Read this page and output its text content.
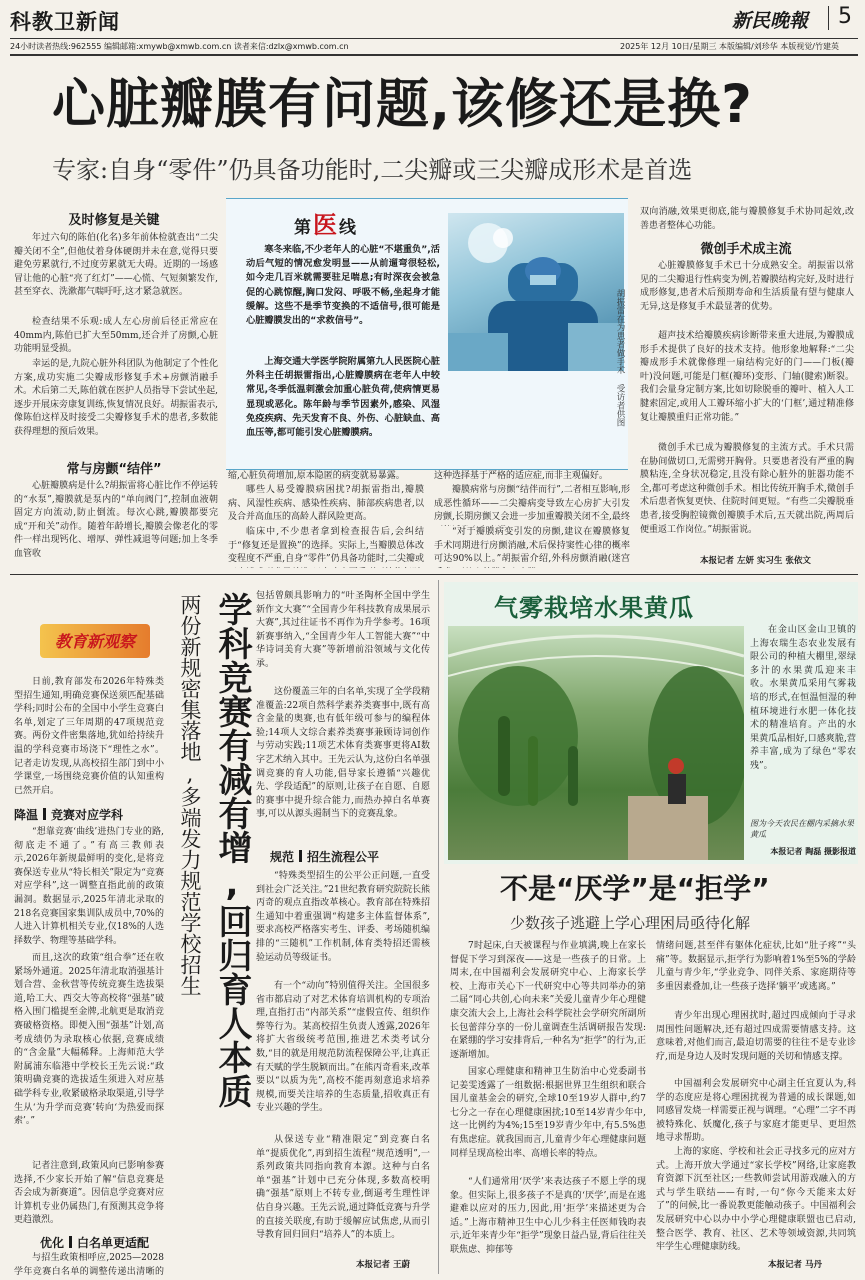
科教卫新闻	新民晚報 5
24小时读者热线:962555 编辑邮箱:xmywb@xmwb.com.cn 读者来信:dzlx@xmwb.com.cn	2025年 12月 10日/星期三 本版编辑/刘珍华 本版视觉/竹建英
心脏瓣膜有问题,该修还是换?
专家:自身“零件”仍具备功能时,二尖瓣或三尖瓣成形术是首选
及时修复是关键
年过六旬的陈伯(化名)多年前体检就查出“二尖瓣关闭不全”,但他仗着身体硬朗并未在意,觉得只要避免劳累就行,不过度劳累就无大碍。近期的一场感冒让他的心脏“亮了红灯”——心慌、气短频繁发作,甚至穿衣、洗漱都气喘吁吁,这才紧急就医。
检查结果不乐观:成人左心房前后径正常应在40mm内,陈伯已扩大至50mm,还合并了房颤,心脏功能明显受损。
幸运的是,九院心脏外科团队为他制定了个性化方案,成功实施二尖瓣成形修复手术+房颤消融手术。术后第二天,陈伯就在医护人员指导下尝试坐起,逐步开展床旁康复训练,恢复情况良好。胡振雷表示,像陈伯这样及时接受二尖瓣修复手术的患者,多数能获得理想的预后效果。
常与房颤“结伴”
心脏瓣膜病是什么?胡振雷将心脏比作不停运转的“水泵”,瓣膜就是泵内的“单向阀门”,控制血液朝固定方向流动,防止倒流。每次心跳,瓣膜都要完成“开和关”动作。随着年龄增长,瓣膜会像老化的零件一样出现钙化、增厚、弹性减退等问题;加上冬季血管收
第医 线
寒冬来临,不少老年人的心脏“不堪重负”,活动后气短的情况愈发明显——从前遛弯很轻松,如今走几百米就需要驻足喘息;有时深夜会被急促的心跳惊醒,胸口发闷、呼吸不畅,坐起身才能缓解。这些不是季节变换的不适信号,很可能是心脏瓣膜发出的“求救信号”。
上海交通大学医学院附属第九人民医院心脏外科主任胡振雷指出,心脏瓣膜病在老年人中较常见,冬季低温刺激会加重心脏负荷,使病情更易显现或恶化。陈年龄与季节因素外,感染、风湿免疫疾病、先天发育不良、外伤、心脏缺血、高血压等,都可能引发心脏瓣膜病。
胡振雷在为患者做手术 受访者供图
缩,心脏负荷增加,原本隐匿的病变就易暴露。
哪些人易受瓣膜病困扰?胡振雷指出,瓣膜病、风湿性疾病、感染性疾病、肺部疾病患者,以及合并高血压的高龄人群风险更高。
临床中,不少患者拿到检查报告后,会纠结于“修复还是置换”的选择。实际上,当瓣膜总体改变程度不严重,自身“零件”仍具备功能时,二尖瓣或
这种选择基于严格的适应症,而非主观偏好。
瓣膜病常与房颤“结伴而行”,二者相互影响,形成恶性循环——二尖瓣病变导致左心房扩大引发房颤,长期房颤又会进一步加重瓣膜关闭不全,最终
“对于瓣膜病变引发的房颤,建议在瓣膜修复手术同期进行房颤消融,术后保持窦性心律的概率可达90%以上。”胡振雷介绍,外科房颤消融(迷宫
双向消融,效果更彻底,能与瓣膜修复手术协同起效,改善患者整体心功能。
微创手术成主流
心脏瓣膜修复手术已十分成熟安全。胡振雷以常见的二尖瓣退行性病变为例,若瓣膜结构完好,及时进行成形修复,患者术后预期寿命和生活质量有望与健康人无异,这是修复手术最显著的优势。
超声技术给瓣膜疾病诊断带来重大进展,为瓣膜成形手术提供了良好的技术支持。他形象地解释:“二尖瓣成形手术就像修理一扇结构完好的门——门板(瓣叶)没问题,可能是门框(瓣环)变形、门轴(腱索)断裂。我们会量身定制方案,比如切除脱垂的瓣叶、植入人工腱索固定,或用人工瓣环缩小扩大的‘门框’,通过精准修复让瓣膜重归正常功能。”
微创手术已成为瓣膜修复的主流方式。手术只需在胁间做切口,无需劈开胸骨。只要患者没有严重的胸膜粘连,全身状况稳定,且没有除心脏外的脏器功能不全,都可考虑这种微创手术。相比传统开胸手术,微创手术后患者恢复更快、住院时间更短。“有些二尖瓣脱垂患者,接受胸腔镜微创瓣膜手术后,五天就出院,两周后便重返工作岗位。”胡振雷说。
本报记者 左妍 实习生 张依文
教育新观察
日前,教育部发布2026年特殊类型招生通知,明确竞赛保送须匹配基础学科;同时公布的全国中小学生竞赛白名单,划定了三年周期的47项规范竞赛。两份文件密集落地,犹如给持续升温的学科竞赛市场浇下“理性之水”。记者走访发现,从高校招生部门到中小学课堂,一场围绕竞赛价值的认知重构已然开启。
降温 竞赛对应学科
“想靠竞赛‘曲线’进热门专业的路,彻底走不通了。”有高三教师表示,2026年新规最鲜明的变化,是将竞赛保送专业从“特长相关”限定为“竞赛对应学科”,这一调整直指此前的政策漏洞。数据显示,2025年清北录取的218名竞赛国家集训队成员中,70%的人进入计算机相关专业,仅18%的人选择数学、物理等基础学科。
而且,这次的政策“组合拳”还在收紧场外通道。2025年清北取消强基计划合营、金秋营等传统竞赛生选拔渠道,哈工大、西交大等高校将“强基”破格入围门槛提至金牌,北航更是取消竞赛破格资格。即便入围“强基”计划,高考成绩仍为录取核心依据,竞赛成绩的“含金量”大幅稀释。上海师范大学附属浦东临港中学校长王先云说:“政策明确竞赛的选拔适生须进入对应基础学科专业,收紧破格录取渠道,引导学生从‘为升学而竞赛’转向‘为热爱而探索’。”
记者注意到,政策风向已影响参赛选择,不少家长开始了解“信息竞赛是否会成为新赛道”。因信息学竞赛对应计算机专业仍属热门,有预测其竞争将更趋激烈。
优化 白名单更适配
与招生政策相呼应,2025—2028学年竞赛白名单的调整传递出清晰的
学科竞赛有减有增,回归育人本质
两份新规密集落地,多端发力规范学校招生	包括曾颇具影响力的“叶圣陶杯全国中学生新作文大赛”“全国青少年科技教育成果展示大赛”,其过往证书不再作为升学参考。16项新赛事纳入,“全国青少年人工智能大赛”“中华诗词美育大赛”等新增前沿领域与文化传承。
这份覆盖三年的白名单,实现了全学段精准覆盖:22项自然科学素养类赛事中,既有高含金量的奥赛,也有低年级可参与的编程体验;14项人文综合素养类赛事兼顾诗词创作与劳动实践;11项艺术体育类赛事更将AI数字艺术纳入其中。王先云认为,这份白名单强调竞赛的育人功能,倡导家长遵循“兴趣优先、学段适配”的原则,让孩子在自愿、自愿的赛事中提升综合能力,而热办掉白名单赛事,可以从源头遏制当下的竞赛乱象。
规范 招生流程公平
“特殊类型招生的公平公正问题,一直受到社会广泛关注。”21世纪教育研究院院长熊丙奇的观点直指改革核心。教育部在特殊招生通知中着重强调“构建多主体监督体系”,要求高校严格落实考生、评委、考场随机编排的“三随机”工作机制,体育类特招还需核验运动员等级证书。
有一个“动向”特别值得关注。全国很多省市都启动了对艺术体育培训机构的专项治理,直指打击“内部关系”“虚假宣传、组织作弊等行为。某高校招生负责人透露,2026年将扩大省级统考范围,推进艺术类考试分数,“目的就是用规范防流程保障公平,让真正有天赋的学生脱颖而出。”在熊丙奇看来,改革要以“以质为先”,高校不能再刻意追求培养规模,而要关注培养的生态质量,招收真正有专业兴趣的学生。
从保送专业“精准限定”到竞赛白名单“提质优化”,再到招生流程“规范透明”,一系列政策共同指向教育本源。这种与白名单“强基”计划中已充分体现,多数高校明确“强基”原则上不转专业,倒逼考生理性评估自身兴趣。王先云说,通过降低竞赛与升学的直接关联度,有助于缓解应试焦虑,从而引导教育回归回归“培养人”的本质上。
本报记者 王蔚
气雾栽培水果黄瓜
在金山区金山卫镇的上海农瑞生态农业发展有限公司的种植大棚里,翠绿多汁的水果黄瓜迎来丰收。水果黄瓜采用气雾栽培的形式,在恒温恒湿的种植环境进行水肥一体化技术的精准培育。产出的水果黄瓜品相好,口感爽脆,营养丰富,成为了绿色“零农残”。
图为今天农民在棚内采摘水果黄瓜
本报记者 陶磊 摄影报道
不是“厌学”是“拒学”
少数孩子逃避上学心理困局亟待化解
7时起床,白天被课程与作业填满,晚上在家长督促下学习到深夜——这是一些孩子的日常。上周末,在中国福利会发展研究中心、上海家长学校、上海市关心下一代研究中心等共同举办的第二届“同心共创,心向未来”关爱儿童青少年心理健康交流大会上,上海社会科学院社会学研究所副所长包蕾萍分享的一份儿童调查生活调研报告发现:在紧绷的学习安排背后,一种名为“拒学”的行为,正逐渐增加。
国家心理健康和精神卫生防治中心党委副书记姜雯透露了一组数据:根据世界卫生组织和联合国儿童基金会的研究,全球10至19岁人群中,约7七分之一存在心理健康困扰;10至14岁青少年中,这一比例约为4%;15至19岁青少年中,有5.5%患有焦虑症。就我国而言,儿童青少年心理健康问题同样呈现高检出率、高增长率的特点。
“人们通常用‘厌学’来表达孩子不愿上学的现象。但实际上,很多孩子不是真的‘厌学’,而是在逃避难以应对的压力,因此,用‘拒学’来描述更为合适。”上海市精神卫生中心儿少科主任医师钱昀表示,近年来青少年“拒学”现象日益凸显,背后往往关联焦虑、抑郁等
情绪问题,甚至伴有躯体化症状,比如“肚子疼”“头痛”等。数据显示,拒学行为影响着1%至5%的学龄儿童与青少年,“学业竞争、同伴关系、家庭期待等多重因素叠加,让一些孩子选择‘躺平’或逃离。”
青少年出现心理困扰时,超过四成倾向于寻求周围性问题解决,还有超过四成需要情感支持。这意味着,对他们而言,最迫切需要的往往不是专业诊疗,而是身边人及时发现问题的关切和情感支撑。
中国福利会发展研究中心副主任宜夏认为,科学的态度应是将心理困扰视为普通的成长课题,如同感冒发烧一样需要正视与调理。“心理”二字不再被特殊化、妖魔化,孩子与家庭才能更早、更坦然地寻求帮助。
上海的家庭、学校和社会正寻找多元的应对方式。上海开放大学通过“家长学校”网络,让家庭教育资源下沉至社区;一些教师尝试用游戏融入的方式与学生联结——有时,一句“你今天能来太好了”的问候,比一番说教更能触动孩子。中国福利会发展研究中心以办中小学心理健康联盟也已启动,整合医学、教育、社区、艺术等领域资源,共同筑牢学生心理健康防线。
本报记者 马丹
